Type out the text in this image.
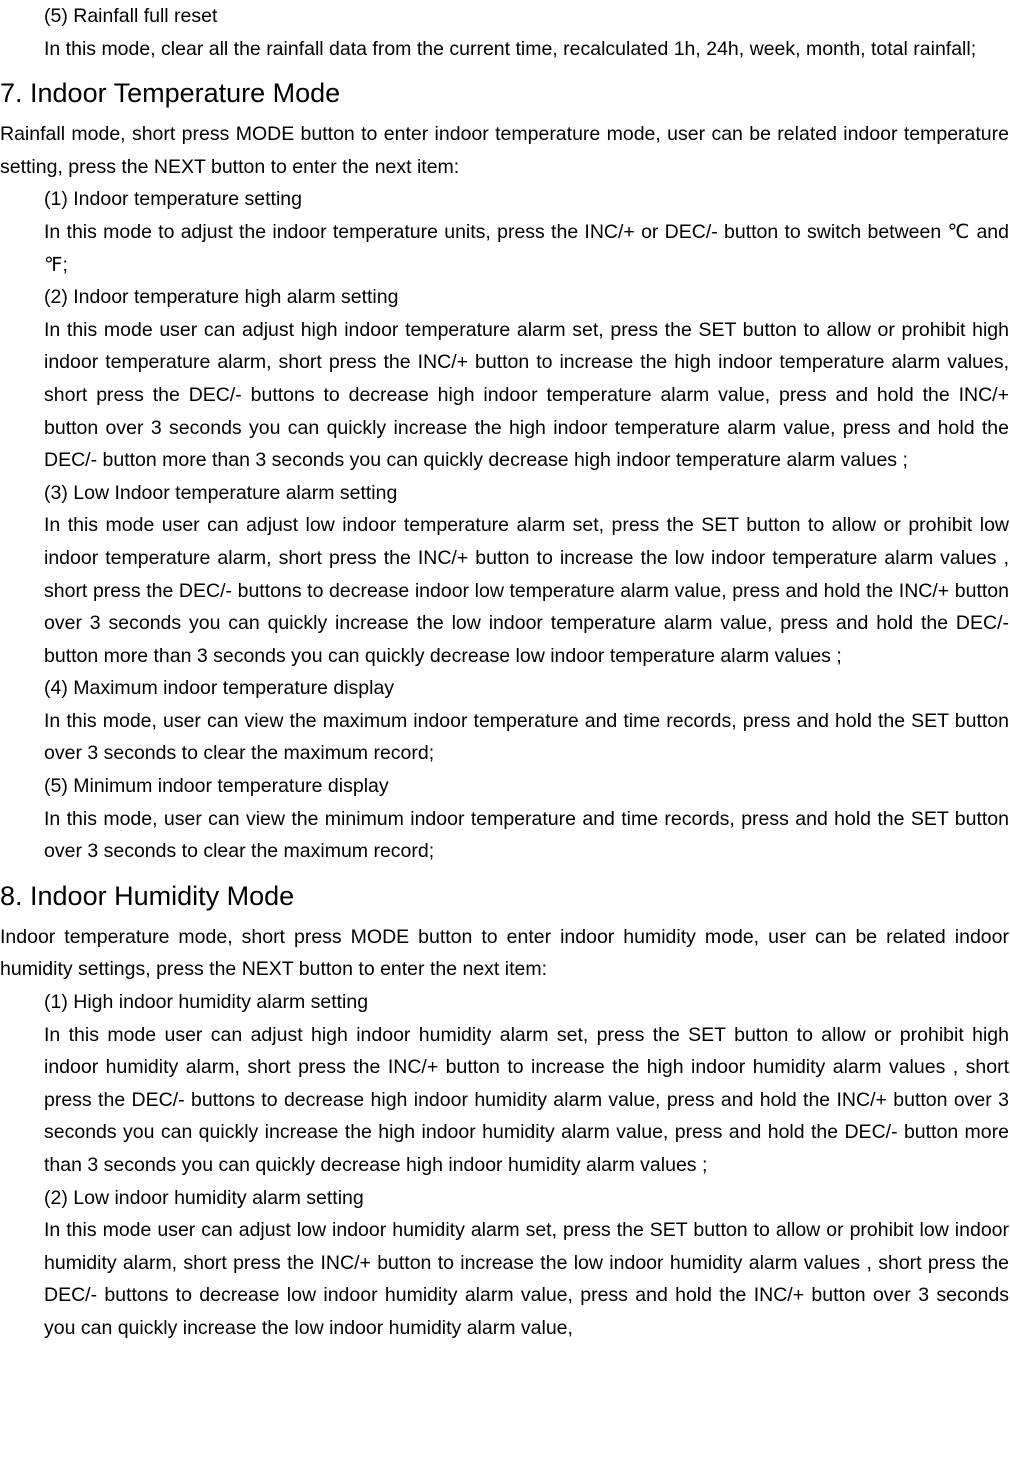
(5) Rainfall full reset
In this mode, clear all the rainfall data from the current time, recalculated 1h, 24h, week, month, total rainfall;
7. Indoor Temperature Mode
Rainfall mode, short press MODE button to enter indoor temperature mode, user can be related indoor temperature setting, press the NEXT button to enter the next item:
(1) Indoor temperature setting
In this mode to adjust the indoor temperature units, press the INC/+ or DEC/- button to switch between ℃ and ℉;
(2) Indoor temperature high alarm setting
In this mode user can adjust high indoor temperature alarm set, press the SET button to allow or prohibit high indoor temperature alarm, short press the INC/+ button to increase the high indoor temperature alarm values, short press the DEC/- buttons to decrease high indoor temperature alarm value, press and hold the INC/+ button over 3 seconds you can quickly increase the high indoor temperature alarm value, press and hold the DEC/- button more than 3 seconds you can quickly decrease high indoor temperature alarm values ;
(3) Low Indoor temperature alarm setting
In this mode user can adjust low indoor temperature alarm set, press the SET button to allow or prohibit low indoor temperature alarm, short press the INC/+ button to increase the low indoor temperature alarm values , short press the DEC/- buttons to decrease indoor low temperature alarm value, press and hold the INC/+ button over 3 seconds you can quickly increase the low indoor temperature alarm value, press and hold the DEC/- button more than 3 seconds you can quickly decrease low indoor temperature alarm values ;
(4) Maximum indoor temperature display
In this mode, user can view the maximum indoor temperature and time records, press and hold the SET button over 3 seconds to clear the maximum record;
(5) Minimum indoor temperature display
In this mode, user can view the minimum indoor temperature and time records, press and hold the SET button over 3 seconds to clear the maximum record;
8. Indoor Humidity Mode
Indoor temperature mode, short press MODE button to enter indoor humidity mode, user can be related indoor humidity settings, press the NEXT button to enter the next item:
(1) High indoor humidity alarm setting
In this mode user can adjust high indoor humidity alarm set, press the SET button to allow or prohibit high indoor humidity alarm, short press the INC/+ button to increase the high indoor humidity alarm values , short press the DEC/- buttons to decrease high indoor humidity alarm value, press and hold the INC/+ button over 3 seconds you can quickly increase the high indoor humidity alarm value, press and hold the DEC/- button more than 3 seconds you can quickly decrease high indoor humidity alarm values ;
(2) Low indoor humidity alarm setting
In this mode user can adjust low indoor humidity alarm set, press the SET button to allow or prohibit low indoor humidity alarm, short press the INC/+ button to increase the low indoor humidity alarm values , short press the DEC/- buttons to decrease low indoor humidity alarm value, press and hold the INC/+ button over 3 seconds you can quickly increase the low indoor humidity alarm value,
